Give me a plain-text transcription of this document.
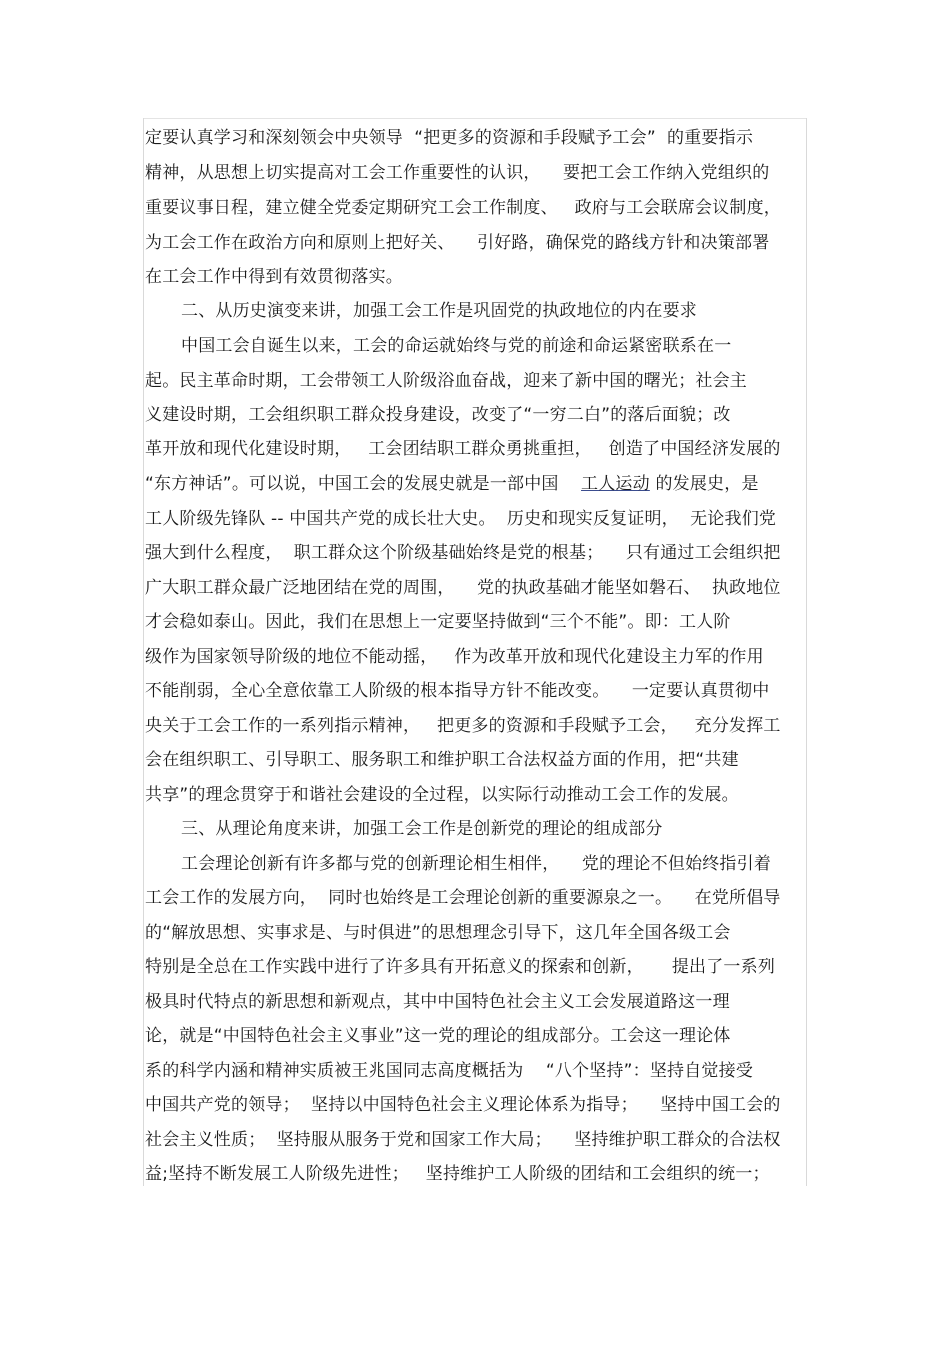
定要认真学习和深刻领会中央领导  “把更多的资源和手段赋予工会”  的重要指示
精神，从思想上切实提高对工会工作重要性的认识，    要把工会工作纳入党组织的
重要议事日程，建立健全党委定期研究工会工作制度、   政府与工会联席会议制度，
为工会工作在政治方向和原则上把好关、    引好路，确保党的路线方针和决策部署
在工会工作中得到有效贯彻落实。
二、从历史演变来讲，加强工会工作是巩固党的执政地位的内在要求
中国工会自诞生以来，工会的命运就始终与党的前途和命运紧密联系在一
起。民主革命时期，工会带领工人阶级浴血奋战，迎来了新中国的曙光；社会主
义建设时期，工会组织职工群众投身建设，改变了“一穷二白”的落后面貌；改
革开放和现代化建设时期，   工会团结职工群众勇挑重担，   创造了中国经济发展的
“东方神话”。可以说，中国工会的发展史就是一部中国    工人运动 的发展史，是
工人阶级先锋队 -- 中国共产党的成长壮大史。  历史和现实反复证明，  无论我们党
强大到什么程度，  职工群众这个阶级基础始终是党的根基；    只有通过工会组织把
广大职工群众最广泛地团结在党的周围，    党的执政基础才能坚如磐石、  执政地位
才会稳如泰山。因此，我们在思想上一定要坚持做到“三个不能”。即：工人阶
级作为国家领导阶级的地位不能动摇，   作为改革开放和现代化建设主力军的作用
不能削弱，全心全意依靠工人阶级的根本指导方针不能改变。    一定要认真贯彻中
央关于工会工作的一系列指示精神，   把更多的资源和手段赋予工会，   充分发挥工
会在组织职工、引导职工、服务职工和维护职工合法权益方面的作用，把“共建
共享”的理念贯穿于和谐社会建设的全过程，以实际行动推动工会工作的发展。
三、从理论角度来讲，加强工会工作是创新党的理论的组成部分
工会理论创新有许多都与党的创新理论相生相伴，    党的理论不但始终指引着
工会工作的发展方向，  同时也始终是工会理论创新的重要源泉之一。    在党所倡导
的“解放思想、实事求是、与时俱进”的思想理念引导下，这几年全国各级工会
特别是全总在工作实践中进行了许多具有开拓意义的探索和创新，     提出了一系列
极具时代特点的新思想和新观点，其中中国特色社会主义工会发展道路这一理
论，就是“中国特色社会主义事业”这一党的理论的组成部分。工会这一理论体
系的科学内涵和精神实质被王兆国同志高度概括为    “八个坚持”：坚持自觉接受
中国共产党的领导；  坚持以中国特色社会主义理论体系为指导；    坚持中国工会的
社会主义性质；  坚持服从服务于党和国家工作大局；    坚持维护职工群众的合法权
益;坚持不断发展工人阶级先进性；   坚持维护工人阶级的团结和工会组织的统一；
